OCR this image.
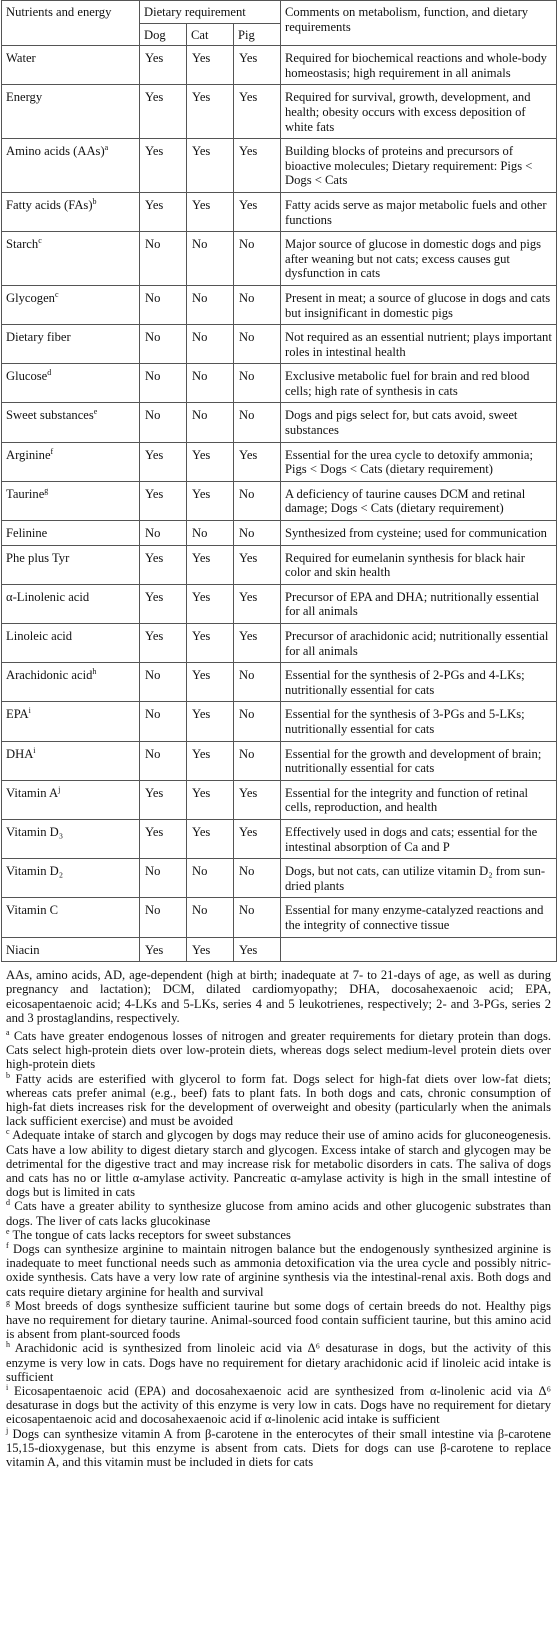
Nutrients and energy	Dietary requirement			Comments on metabolism, function, and dietary requirements
	Dog	Cat	Pig	
Water	Yes	Yes	Yes	Required for biochemical reactions and whole-body homeostasis; high requirement in all animals
Energy	Yes	Yes	Yes	Required for survival, growth, development, and health; obesity occurs with excess deposition of white fats
Amino acids (AAs)$^a$	Yes	Yes	Yes	Building blocks of proteins and precursors of bioactive molecules; Dietary requirement: Pigs < Dogs < Cats
Fatty acids (FAs)$^b$	Yes	Yes	Yes	Fatty acids serve as major metabolic fuels and other functions
Starch$^c$	No	No	No	Major source of glucose in domestic dogs and pigs after weaning but not cats; excess causes gut dysfunction in cats
Glycogen$^c$	No	No	No	Present in meat; a source of glucose in dogs and cats but insignificant in domestic pigs
Dietary fiber	No	No	No	Not required as an essential nutrient; plays important roles in intestinal health
Glucose$^d$	No	No	No	Exclusive metabolic fuel for brain and red blood cells; high rate of synthesis in cats
Sweet substances$^e$	No	No	No	Dogs and pigs select for, but cats avoid, sweet substances
Arginine$^f$	Yes	Yes	Yes	Essential for the urea cycle to detoxify ammonia; Pigs < Dogs < Cats (dietary requirement)
Taurine$^g$	Yes	Yes	No	A deficiency of taurine causes DCM and retinal damage; Dogs < Cats (dietary requirement)
Felinine	No	No	No	Synthesized from cysteine; used for communication
Phe plus Tyr	Yes	Yes	Yes	Required for eumelanin synthesis for black hair color and skin health
α-Linolenic acid	Yes	Yes	Yes	Precursor of EPA and DHA; nutritionally essential for all animals
Linoleic acid	Yes	Yes	Yes	Precursor of arachidonic acid; nutritionally essential for all animals
Arachidonic acid$^h$	No	Yes	No	Essential for the synthesis of 2-PGs and 4-LKs; nutritionally essential for cats
EPA$^i$	No	Yes	No	Essential for the synthesis of 3-PGs and 5-LKs; nutritionally essential for cats
DHA$^i$	No	Yes	No	Essential for the growth and development of brain; nutritionally essential for cats
Vitamin $A^j$	Yes	Yes	Yes	Essential for the integrity and function of retinal cells, reproduction, and health
Vitamin D₃	Yes	Yes	Yes	Effectively used in dogs and cats; essential for the intestinal absorption of Ca and P
Vitamin D₂	No	No	No	Dogs, but not cats, can utilize vitamin D₂ from sun-dried plants
Vitamin C	No	No	No	Essential for many enzyme-catalyzed reactions and the integrity of connective tissue
Niacin	Yes	Yes	Yes	

AAs, amino acids, AD, age-dependent (high at birth; inadequate at 7- to 21-days of age, as well as during pregnancy and lactation); DCM, dilated cardiomyopathy; DHA, docosahexaenoic acid; EPA, eicosapentaenoic acid; 4-LKs and 5-LKs, series 4 and 5 leukotrienes, respectively; 2- and 3-PGs, series 2 and 3 prostaglandins, respectively.

$^a$ Cats have greater endogenous losses of nitrogen and greater requirements for dietary protein than dogs. Cats select high-protein diets over low-protein diets, whereas dogs select medium-level protein diets over high-protein diets

$^b$ Fatty acids are esterified with glycerol to form fat. Dogs select for high-fat diets over low-fat diets; whereas cats prefer animal (e.g., beef) fats to plant fats. In both dogs and cats, chronic consumption of high-fat diets increases risk for the development of overweight and obesity (particularly when the animals lack sufficient exercise) and must be avoided

$^c$ Adequate intake of starch and glycogen by dogs may reduce their use of amino acids for gluconeogenesis. Cats have a low ability to digest dietary starch and glycogen. Excess intake of starch and glycogen may be detrimental for the digestive tract and may increase risk for metabolic disorders in cats. The saliva of dogs and cats has no or little α-amylase activity. Pancreatic α-amylase activity is high in the small intestine of dogs but is limited in cats

$^d$ Cats have a greater ability to synthesize glucose from amino acids and other glucogenic substrates than dogs. The liver of cats lacks glucokinase

$^e$ The tongue of cats lacks receptors for sweet substances

$^f$ Dogs can synthesize arginine to maintain nitrogen balance but the endogenously synthesized arginine is inadequate to meet functional needs such as ammonia detoxification via the urea cycle and possibly nitric-oxide synthesis. Cats have a very low rate of arginine synthesis via the intestinal-renal axis. Both dogs and cats require dietary arginine for health and survival

$^g$ Most breeds of dogs synthesize sufficient taurine but some dogs of certain breeds do not. Healthy pigs have no requirement for dietary taurine. Animal-sourced food contain sufficient taurine, but this amino acid is absent from plant-sourced foods

$^h$ Arachidonic acid is synthesized from linoleic acid via Δ⁶ desaturase in dogs, but the activity of this enzyme is very low in cats. Dogs have no requirement for dietary arachidonic acid if linoleic acid intake is sufficient

$^i$ Eicosapentaenoic acid (EPA) and docosahexaenoic acid are synthesized from α-linolenic acid via Δ⁶ desaturase in dogs but the activity of this enzyme is very low in cats. Dogs have no requirement for dietary eicosapentaenoic acid and docosahexaenoic acid if α-linolenic acid intake is sufficient

$^j$ Dogs can synthesize vitamin A from β-carotene in the enterocytes of their small intestine via β-carotene 15,15-dioxygenase, but this enzyme is absent from cats. Diets for dogs can use β-carotene to replace vitamin A, and this vitamin must be included in diets for cats
